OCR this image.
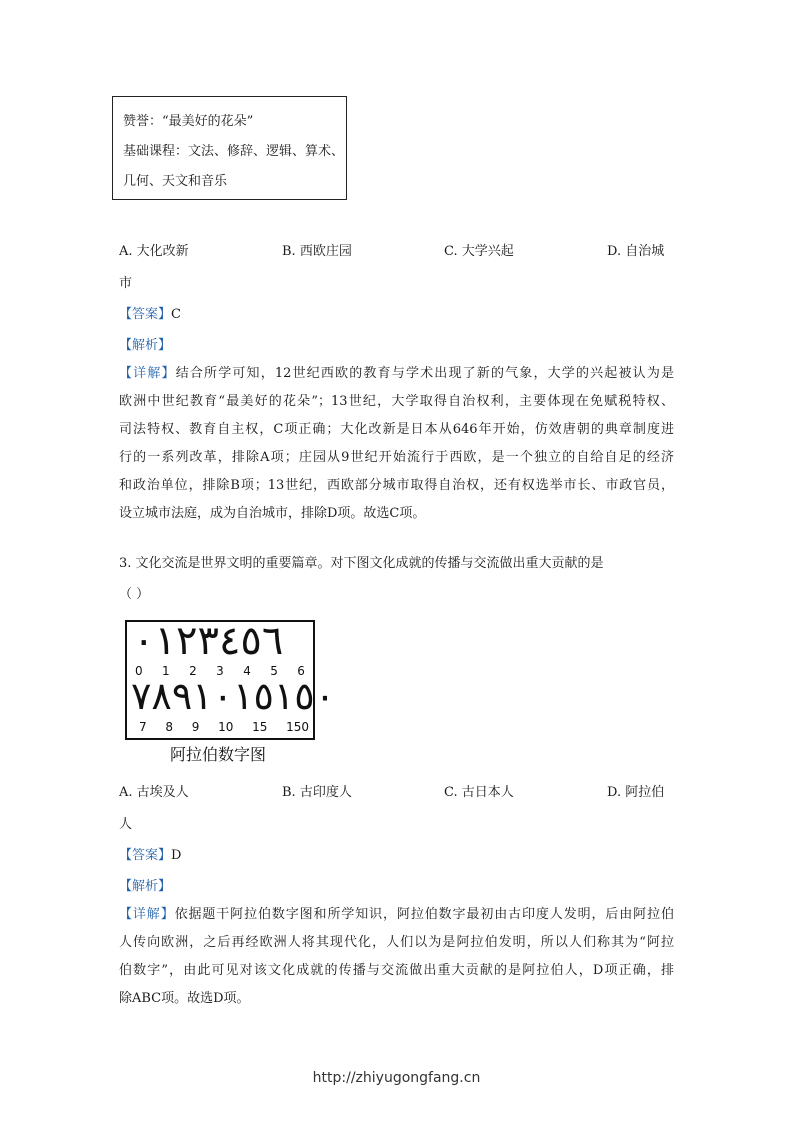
赞誉：“最美好的花朵”
基础课程：文法、修辞、逻辑、算术、
几何、天文和音乐
A. 大化改新	B. 西欧庄园	C. 大学兴起	D. 自治城
市
【答案】C
【解析】
【详解】结合所学可知，12世纪西欧的教育与学术出现了新的气象，大学的兴起被认为是
欧洲中世纪教育“最美好的花朵”；13世纪，大学取得自治权利，主要体现在免赋税特权、
司法特权、教育自主权，C项正确；大化改新是日本从646年开始，仿效唐朝的典章制度进
行的一系列改革，排除A项；庄园从9世纪开始流行于西欧，是一个独立的自给自足的经济
和政治单位，排除B项；13世纪，西欧部分城市取得自治权，还有权选举市长、市政官员，
设立城市法庭，成为自治城市，排除D项。故选C项。
3. 文化交流是世界文明的重要篇章。对下图文化成就的传播与交流做出重大贡献的是
（ ）
٠١٢٣٤٥٦
0 1 2 3 4 5 6
٧٨٩١٠١٥١٥٠
7 8 9 10 15 150
阿拉伯数字图
A. 古埃及人	B. 古印度人	C. 古日本人	D. 阿拉伯
人
【答案】D
【解析】
【详解】依据题干阿拉伯数字图和所学知识，阿拉伯数字最初由古印度人发明，后由阿拉伯
人传向欧洲，之后再经欧洲人将其现代化，人们以为是阿拉伯发明，所以人们称其为“阿拉
伯数字”，由此可见对该文化成就的传播与交流做出重大贡献的是阿拉伯人，D项正确，排
除ABC项。故选D项。
http://zhiyugongfang.cn
